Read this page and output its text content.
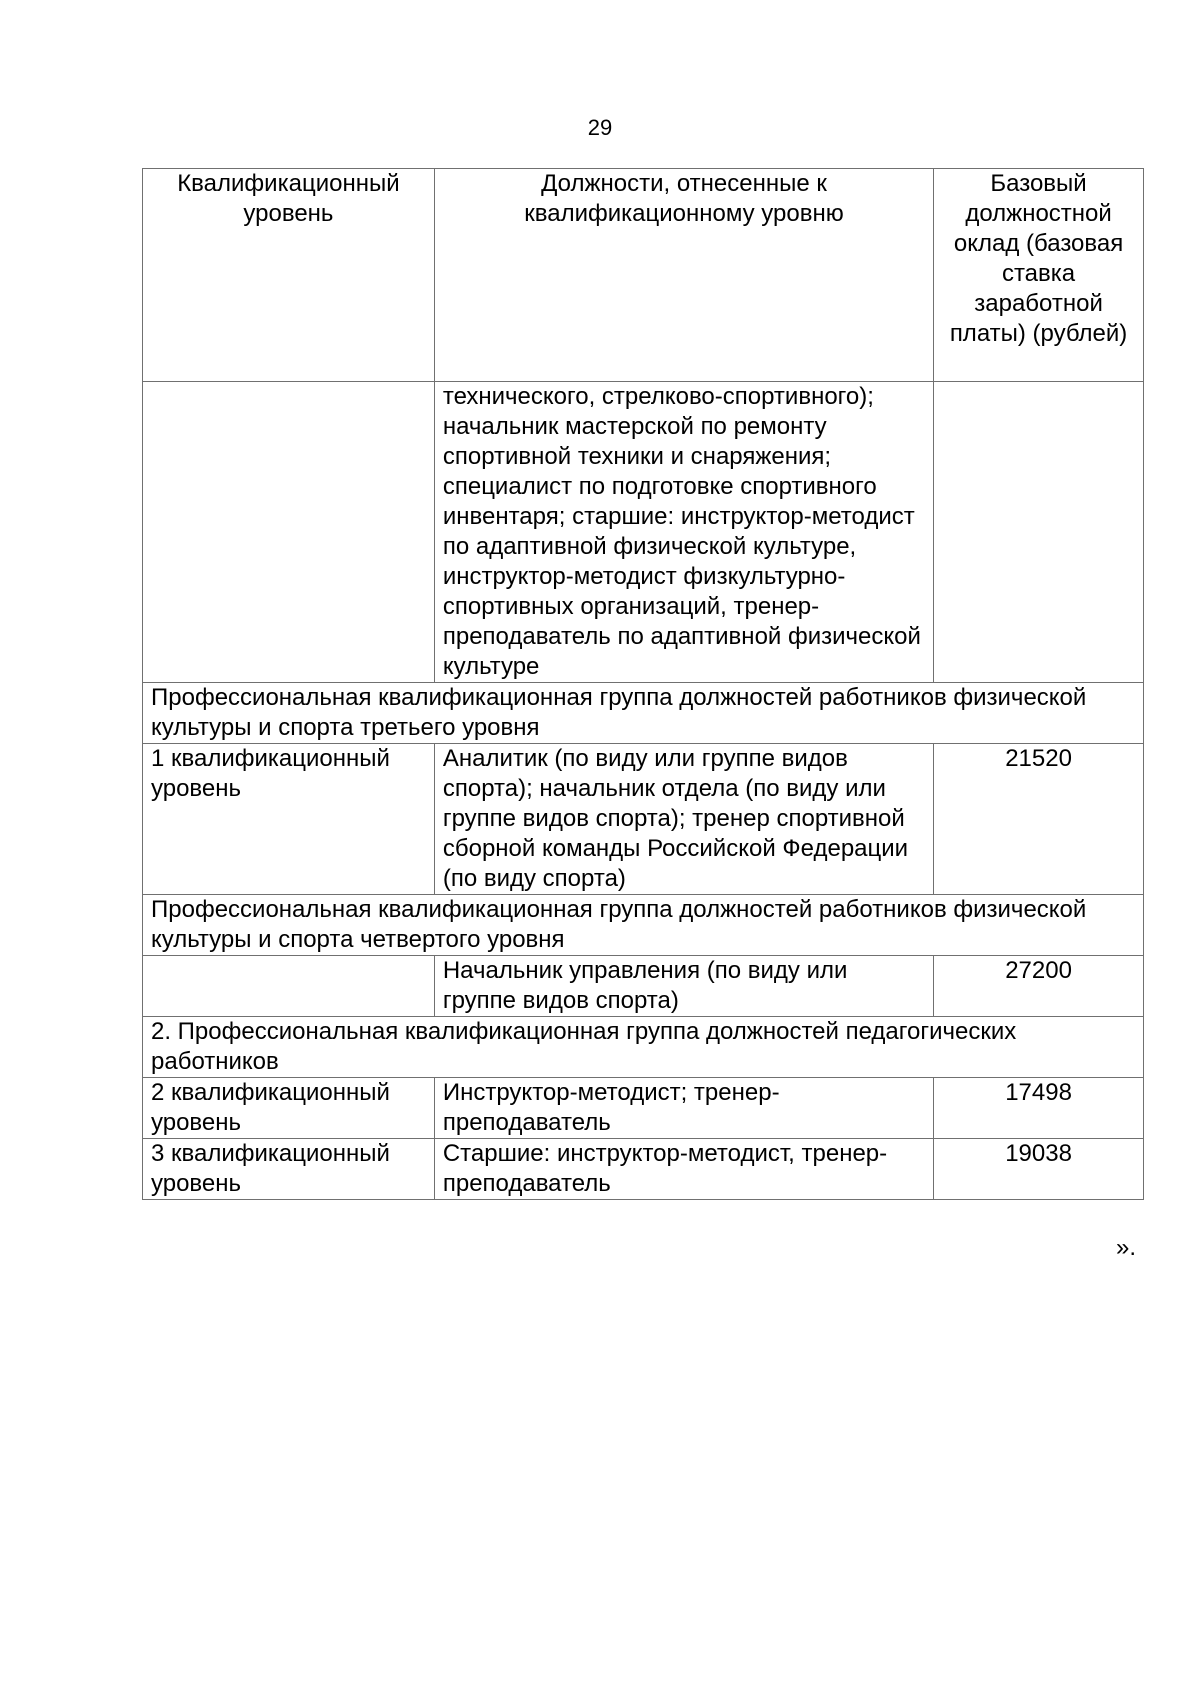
29
Квалификационный уровень	Должности, отнесенные к квалификационному уровню	Базовый должностной оклад (базовая ставка заработной платы) (рублей)
	технического, стрелково-спортивного); начальник мастерской по ремонту спортивной техники и снаряжения; специалист по подготовке спортивного инвентаря; старшие: инструктор-методист по адаптивной физической культуре, инструктор-методист физкультурно-спортивных организаций, тренер-преподаватель по адаптивной физической культуре	
Профессиональная квалификационная группа должностей работников физической культуры и спорта третьего уровня		
1 квалификационный уровень	Аналитик (по виду или группе видов спорта); начальник отдела (по виду или группе видов спорта); тренер спортивной сборной команды Российской Федерации (по виду спорта)	21520
Профессиональная квалификационная группа должностей работников физической культуры и спорта четвертого уровня		
	Начальник управления (по виду или группе видов спорта)	27200
2. Профессиональная квалификационная группа должностей педагогических работников		
2 квалификационный уровень	Инструктор-методист; тренер-преподаватель	17498
3 квалификационный уровень	Старшие: инструктор-методист, тренер-преподаватель	19038
».
